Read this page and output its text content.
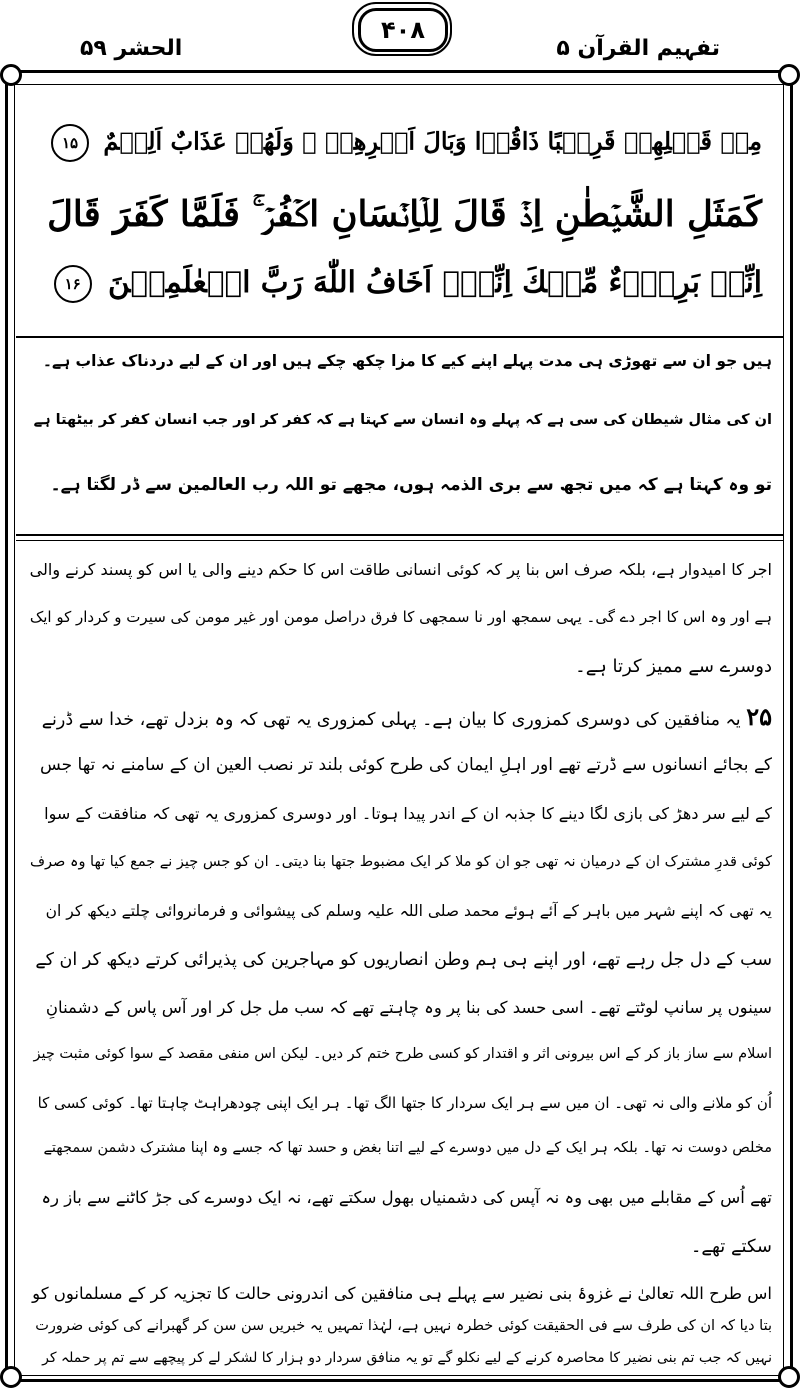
تفہیم القرآن ۵
۴۰۸
الحشر ۵۹
مِنۡ قَبۡلِهِمۡ قَرِيۡبًا ذَاقُوۡا وَبَالَ اَمۡرِهِمۡ‌ ۚ وَلَهُمۡ عَذَابٌ اَلِيۡمٌ ۱۵
كَمَثَلِ الشَّيۡطٰنِ اِذۡ قَالَ لِلۡاِنۡسَانِ اكۡفُرۡ‌ ۚ فَلَمَّا كَفَرَ قَالَ
اِنِّىۡ بَرِىۡٓءٌ مِّنۡكَ اِنِّىۡۤ اَخَافُ اللّٰهَ رَبَّ الۡعٰلَمِيۡنَ ۱۶
ہیں جو ان سے تھوڑی ہی مدت پہلے اپنے کیے کا مزا چکھ چکے ہیں اور ان کے لیے دردناک عذاب ہے۔
ان کی مثال شیطان کی سی ہے کہ پہلے وہ انسان سے کہتا ہے کہ کفر کر اور جب انسان کفر کر بیٹھتا ہے
تو وہ کہتا ہے کہ میں تجھ سے بری الذمہ ہوں، مجھے تو اللہ رب العالمین سے ڈر لگتا ہے۔
اجر کا امیدوار ہے، بلکہ صرف اس بنا پر کہ کوئی انسانی طاقت اس کا حکم دینے والی یا اس کو پسند کرنے والی
ہے اور وہ اس کا اجر دے گی۔ یہی سمجھ اور نا سمجھی کا فرق دراصل مومن اور غیر مومن کی سیرت و کردار کو ایک
دوسرے سے ممیز کرتا ہے۔
۲۵ یہ منافقین کی دوسری کمزوری کا بیان ہے۔ پہلی کمزوری یہ تھی کہ وہ بزدل تھے، خدا سے ڈرنے
کے بجائے انسانوں سے ڈرتے تھے اور اہلِ ایمان کی طرح کوئی بلند تر نصب العین ان کے سامنے نہ تھا جس
کے لیے سر دھڑ کی بازی لگا دینے کا جذبہ ان کے اندر پیدا ہوتا۔ اور دوسری کمزوری یہ تھی کہ منافقت کے سوا
کوئی قدرِ مشترک ان کے درمیان نہ تھی جو ان کو ملا کر ایک مضبوط جتھا بنا دیتی۔ ان کو جس چیز نے جمع کیا تھا وہ صرف
یہ تھی کہ اپنے شہر میں باہر کے آئے ہوئے محمد صلی اللہ علیہ وسلم کی پیشوائی و فرمانروائی چلتے دیکھ کر ان
سب کے دل جل رہے تھے، اور اپنے ہی ہم وطن انصاریوں کو مہاجرین کی پذیرائی کرتے دیکھ کر ان کے
سینوں پر سانپ لوٹتے تھے۔ اسی حسد کی بنا پر وہ چاہتے تھے کہ سب مل جل کر اور آس پاس کے دشمنانِ
اسلام سے ساز باز کر کے اس بیرونی اثر و اقتدار کو کسی طرح ختم کر دیں۔ لیکن اس منفی مقصد کے سوا کوئی مثبت چیز
اُن کو ملانے والی نہ تھی۔ ان میں سے ہر ایک سردار کا جتھا الگ تھا۔ ہر ایک اپنی چودھراہٹ چاہتا تھا۔ کوئی کسی کا
مخلص دوست نہ تھا۔ بلکہ ہر ایک کے دل میں دوسرے کے لیے اتنا بغض و حسد تھا کہ جسے وہ اپنا مشترک دشمن سمجھتے
تھے اُس کے مقابلے میں بھی وہ نہ آپس کی دشمنیاں بھول سکتے تھے، نہ ایک دوسرے کی جڑ کاٹنے سے باز رہ
سکتے تھے۔
اس طرح اللہ تعالیٰ نے غزوۂ بنی نضیر سے پہلے ہی منافقین کی اندرونی حالت کا تجزیہ کر کے مسلمانوں کو
بتا دیا کہ ان کی طرف سے فی الحقیقت کوئی خطرہ نہیں ہے، لہٰذا تمہیں یہ خبریں سن سن کر گھبرانے کی کوئی ضرورت
نہیں کہ جب تم بنی نضیر کا محاصرہ کرنے کے لیے نکلو گے تو یہ منافق سردار دو ہزار کا لشکر لے کر پیچھے سے تم پر حملہ کر
